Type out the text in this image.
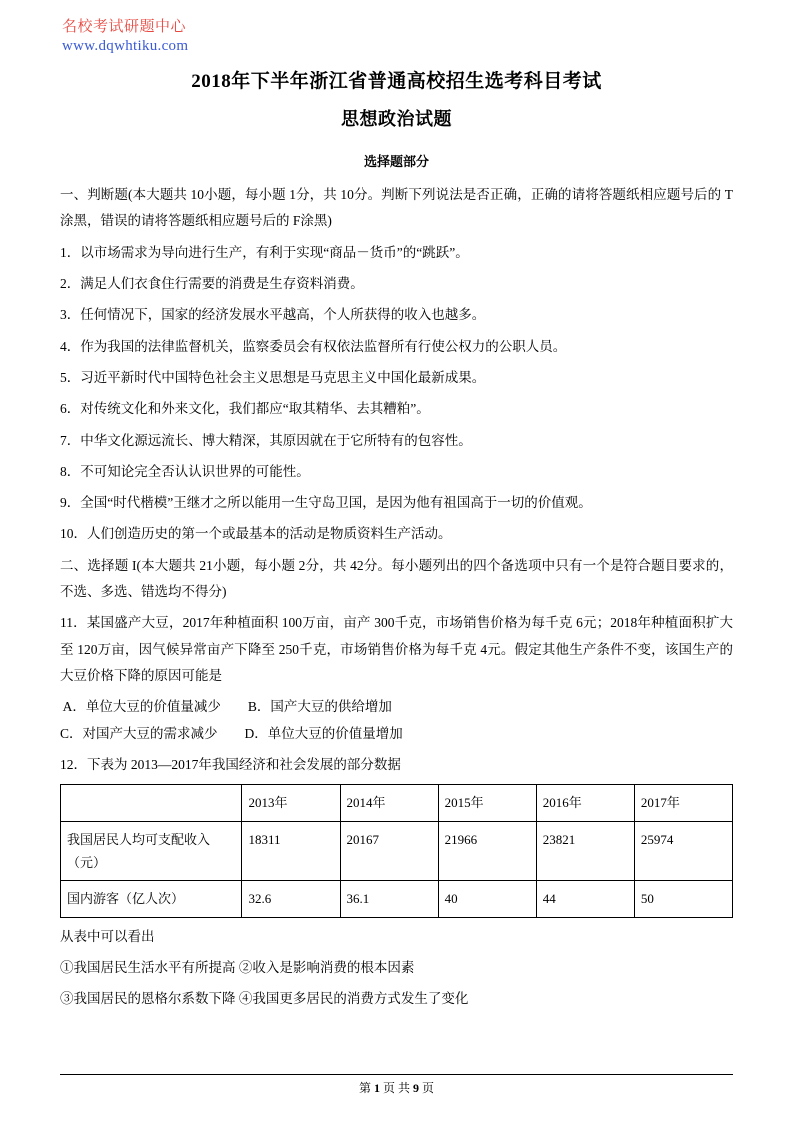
名校考试研题中心
www.dqwhtiku.com
2018年下半年浙江省普通高校招生选考科目考试
思想政治试题
选择题部分

一、判断题(本大题共 10小题，每小题 1分，共 10分。判断下列说法是否正确，正确的请将答题纸相应题号后的 T涂黑，错误的请将答题纸相应题号后的 F涂黑)

1．以市场需求为导向进行生产，有利于实现“商品－货币”的“跳跃”。

2．满足人们衣食住行需要的消费是生存资料消费。

3．任何情况下，国家的经济发展水平越高，个人所获得的收入也越多。

4．作为我国的法律监督机关，监察委员会有权依法监督所有行使公权力的公职人员。

5．习近平新时代中国特色社会主义思想是马克思主义中国化最新成果。

6．对传统文化和外来文化，我们都应“取其精华、去其糟粕”。

7．中华文化源远流长、博大精深，其原因就在于它所特有的包容性。

8．不可知论完全否认认识世界的可能性。

9．全国“时代楷模”王继才之所以能用一生守岛卫国，是因为他有祖国高于一切的价值观。

10．人们创造历史的第一个或最基本的活动是物质资料生产活动。

二、选择题 I(本大题共 21小题，每小题 2分，共 42分。每小题列出的四个备选项中只有一个是符合题目要求的，不选、多选、错选均不得分)

11．某国盛产大豆，2017年种植面积 100万亩，亩产 300千克，市场销售价格为每千克 6元；2018年种植面积扩大至 120万亩，因气候异常亩产下降至 250千克，市场销售价格为每千克 4元。假定其他生产条件不变，该国生产的大豆价格下降的原因可能是

A．单位大豆的价值量减少        B．国产大豆的供给增加
C．对国产大豆的需求减少        D．单位大豆的价值量增加

12．下表为 2013—2017年我国经济和社会发展的部分数据

	2013年	2014年	2015年	2016年	2017年
我国居民人均可支配收入（元）	18311	20167	21966	23821	25974
国内游客（亿人次）	32.6	36.1	40	44	50

从表中可以看出

①我国居民生活水平有所提高 ②收入是影响消费的根本因素

③我国居民的恩格尔系数下降 ④我国更多居民的消费方式发生了变化

第 1 页 共 9 页
